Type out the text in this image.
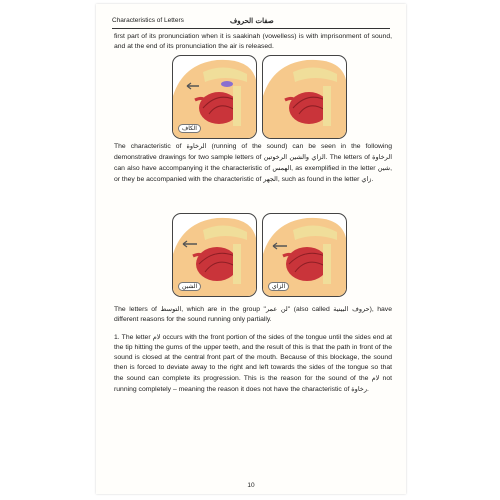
Characteristics of Letters	صفات الحروف
first part of its pronunciation when it is saakinah (vowelless) is with imprisonment of sound, and at the end of its pronunciation the air is released.
الكاف
The characteristic of الرخاوة (running of the sound) can be seen in the following demonstrative drawings for two sample letters of الزاي والشين الرخوتين. The letters of الرخاوة can also have accompanying it the characteristic of الهمس, as exemplified in the letter شين, or they be accompanied with the characteristic of الجهر, such as found in the letter زاي.
الشين	الزاي
The letters of التوسط, which are in the group "لن عمر" (also called حروف البينية), have different reasons for the sound running only partially.
1. The letter لام occurs with the front portion of the sides of the tongue until the sides end at the tip hitting the gums of the upper teeth, and the result of this is that the path in front of the sound is closed at the central front part of the mouth. Because of this blockage, the sound then is forced to deviate away to the right and left towards the sides of the tongue so that the sound can complete its progression. This is the reason for the sound of the لام not running completely – meaning the reason it does not have the characteristic of رخاوة.
10
